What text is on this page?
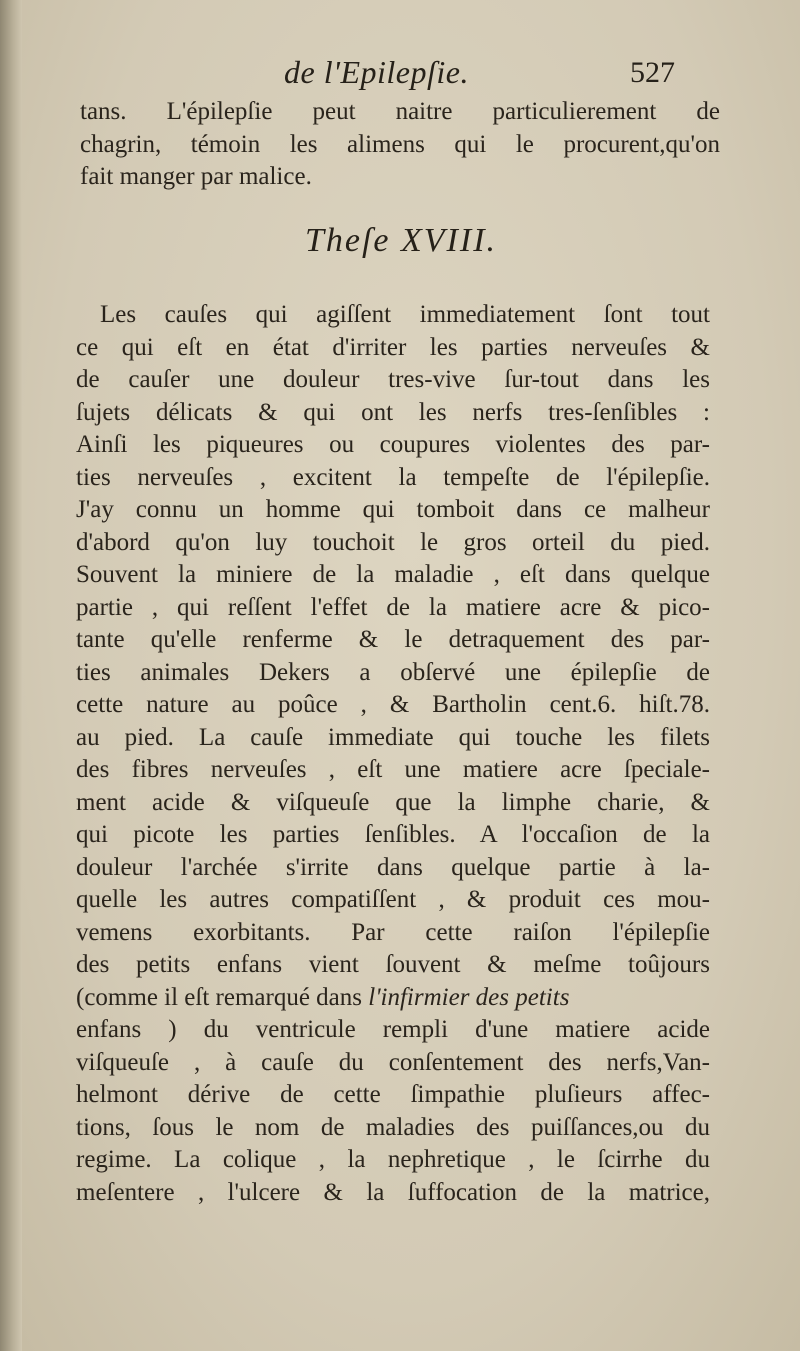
de l'Epilepſie.	527
tans. L'épilepſie peut naitre particulierement de
chagrin, témoin les alimens qui le procurent,qu'on
fait manger par malice.
Theſe XVIII.
Les cauſes qui agiſſent immediatement ſont tout
ce qui eſt en état d'irriter les parties nerveuſes &
de cauſer une douleur tres-vive ſur-tout dans les
ſujets délicats & qui ont les nerfs tres-ſenſibles :
Ainſi les piqueures ou coupures violentes des par-
ties nerveuſes , excitent la tempeſte de l'épilepſie.
J'ay connu un homme qui tomboit dans ce malheur
d'abord qu'on luy touchoit le gros orteil du pied.
Souvent la miniere de la maladie , eſt dans quelque
partie , qui reſſent l'effet de la matiere acre & pico-
tante qu'elle renferme & le detraquement des par-
ties animales Dekers a obſervé une épilepſie de
cette nature au poûce , & Bartholin cent.6. hiſt.78.
au pied. La cauſe immediate qui touche les filets
des fibres nerveuſes , eſt une matiere acre ſpeciale-
ment acide & viſqueuſe que la limphe charie, &
qui picote les parties ſenſibles. A l'occaſion de la
douleur l'archée s'irrite dans quelque partie à la-
quelle les autres compatiſſent , & produit ces mou-
vemens exorbitants. Par cette raiſon l'épilepſie
des petits enfans vient ſouvent & meſme toûjours
(comme il eſt remarqué dans l'infirmier des petits
enfans ) du ventricule rempli d'une matiere acide
viſqueuſe , à cauſe du conſentement des nerfs,Van-
helmont dérive de cette ſimpathie pluſieurs affec-
tions, ſous le nom de maladies des puiſſances,ou du
regime. La colique , la nephretique , le ſcirrhe du
meſentere , l'ulcere & la ſuffocation de la matrice,
